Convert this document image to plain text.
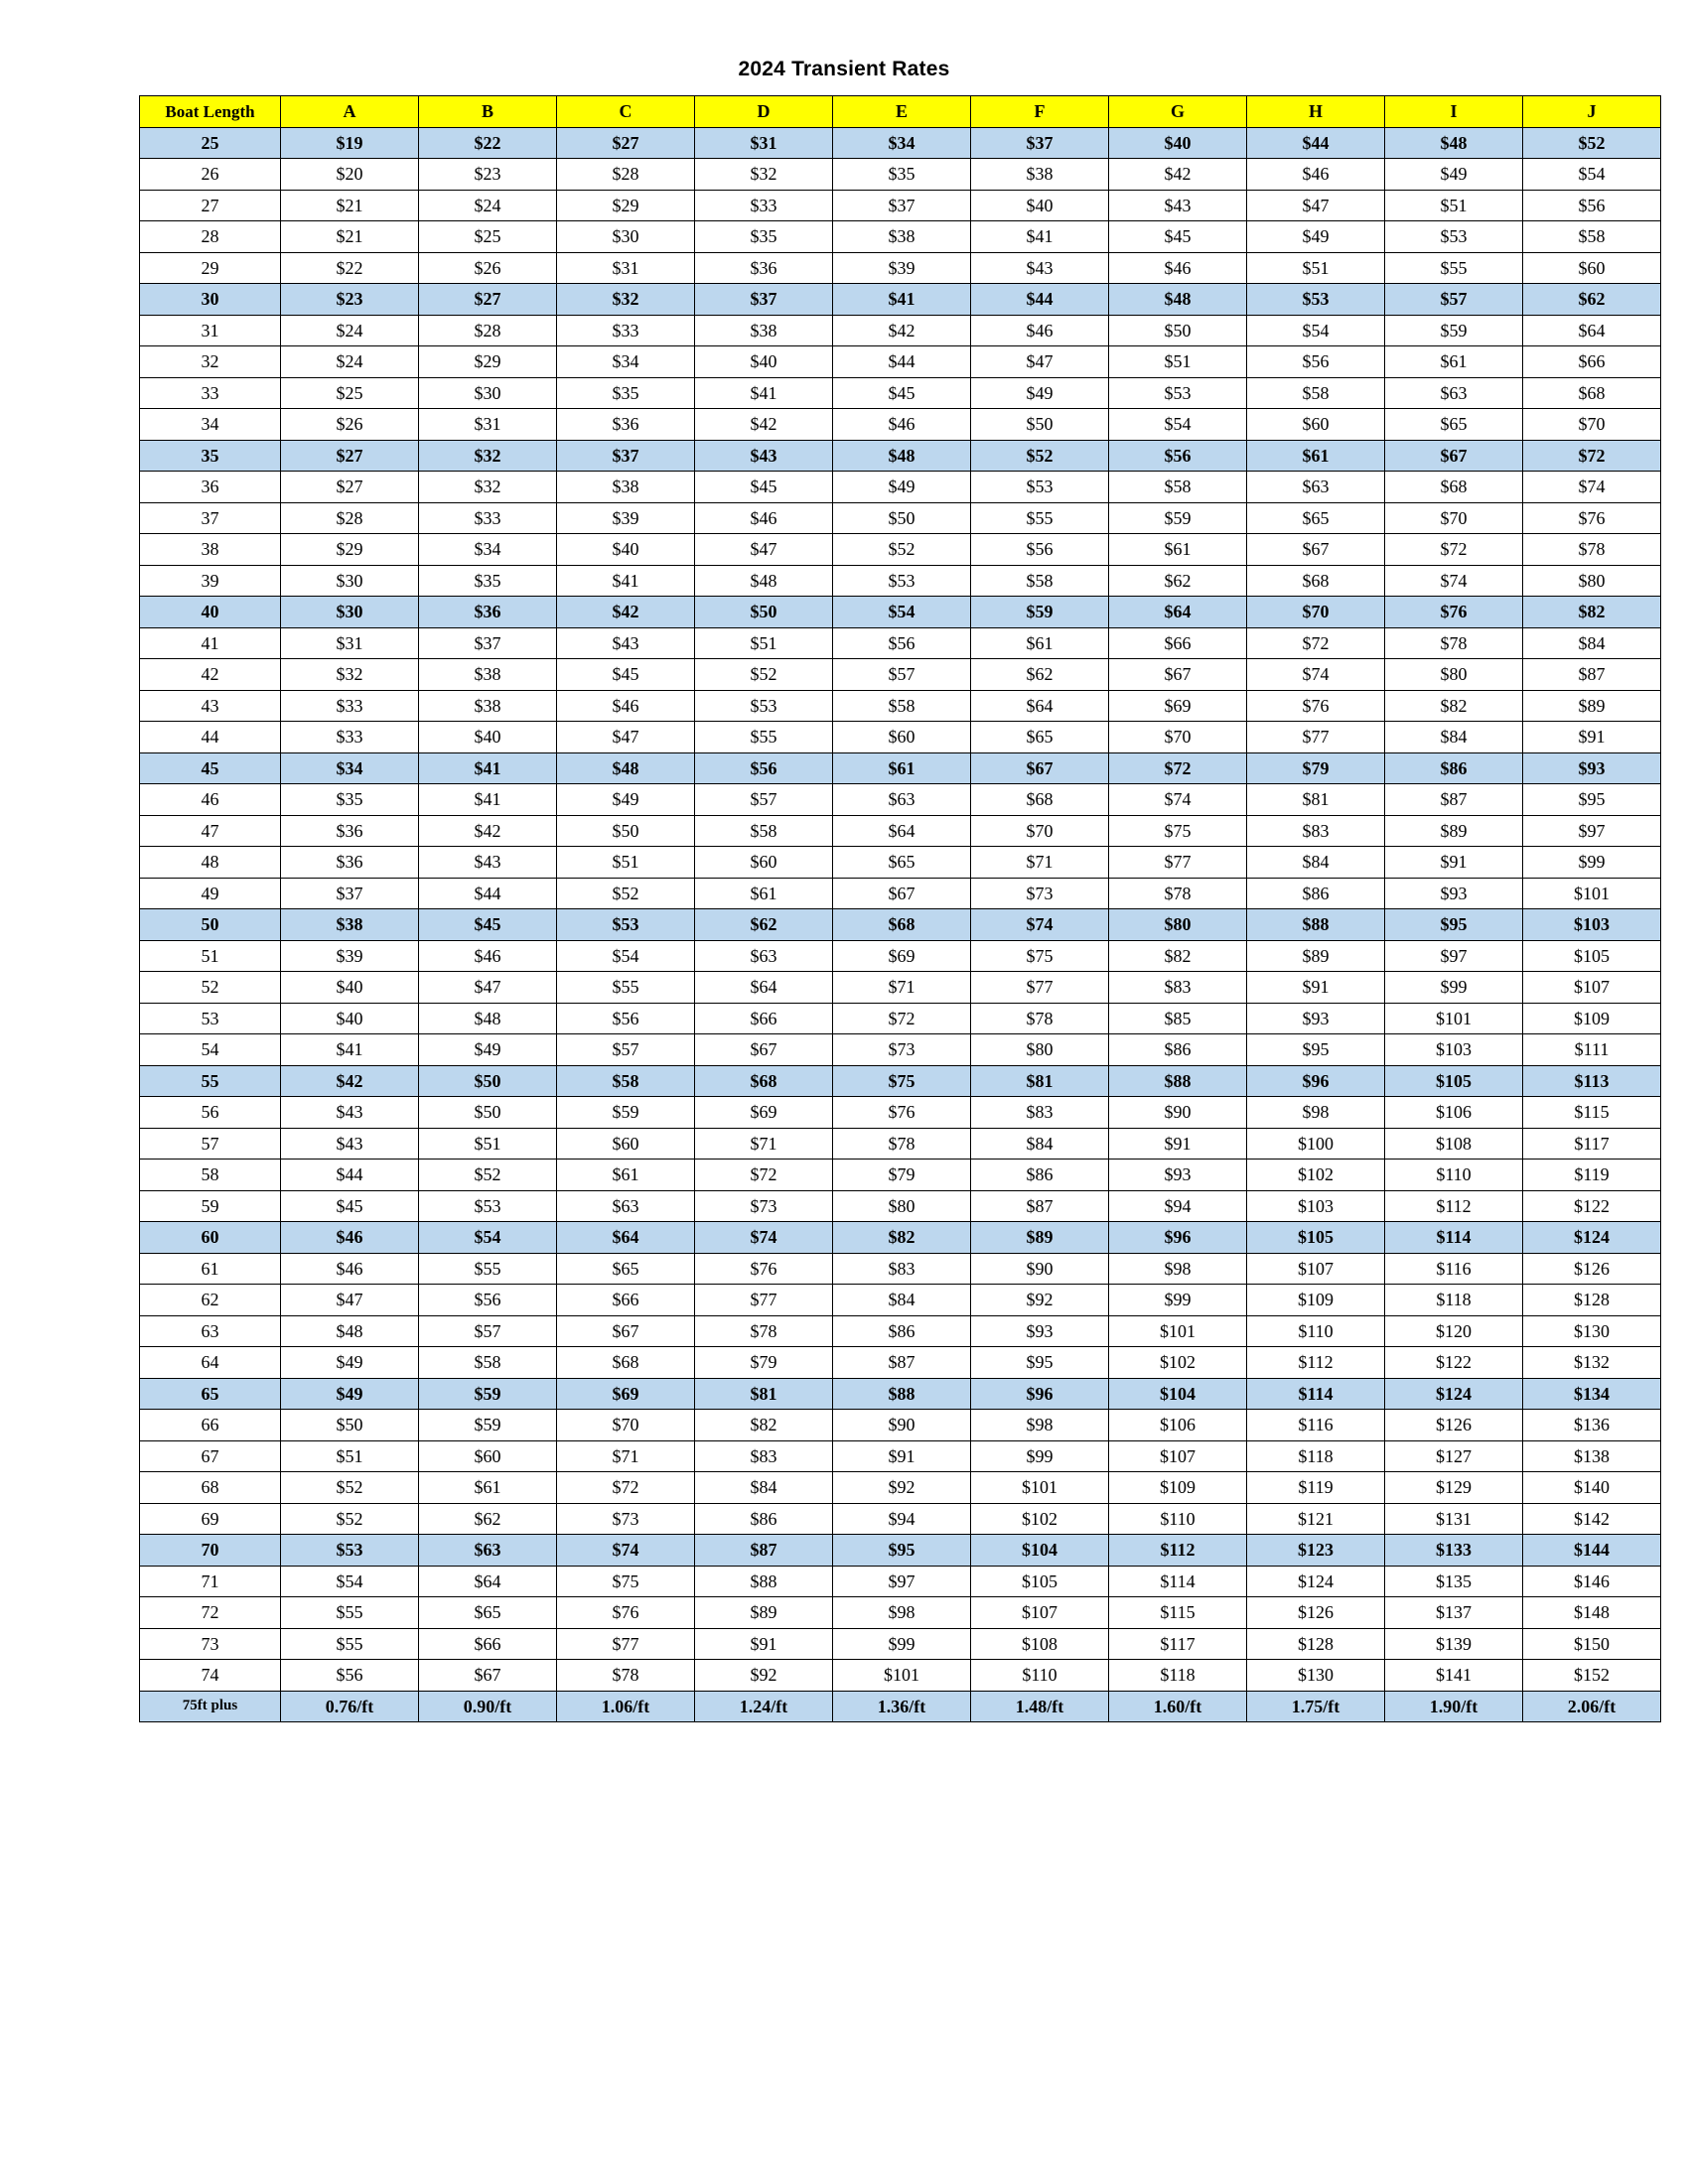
2024 Transient Rates
Boat Length	A	B	C	D	E	F	G	H	I	J
25	$19	$22	$27	$31	$34	$37	$40	$44	$48	$52
26	$20	$23	$28	$32	$35	$38	$42	$46	$49	$54
27	$21	$24	$29	$33	$37	$40	$43	$47	$51	$56
28	$21	$25	$30	$35	$38	$41	$45	$49	$53	$58
29	$22	$26	$31	$36	$39	$43	$46	$51	$55	$60
30	$23	$27	$32	$37	$41	$44	$48	$53	$57	$62
31	$24	$28	$33	$38	$42	$46	$50	$54	$59	$64
32	$24	$29	$34	$40	$44	$47	$51	$56	$61	$66
33	$25	$30	$35	$41	$45	$49	$53	$58	$63	$68
34	$26	$31	$36	$42	$46	$50	$54	$60	$65	$70
35	$27	$32	$37	$43	$48	$52	$56	$61	$67	$72
36	$27	$32	$38	$45	$49	$53	$58	$63	$68	$74
37	$28	$33	$39	$46	$50	$55	$59	$65	$70	$76
38	$29	$34	$40	$47	$52	$56	$61	$67	$72	$78
39	$30	$35	$41	$48	$53	$58	$62	$68	$74	$80
40	$30	$36	$42	$50	$54	$59	$64	$70	$76	$82
41	$31	$37	$43	$51	$56	$61	$66	$72	$78	$84
42	$32	$38	$45	$52	$57	$62	$67	$74	$80	$87
43	$33	$38	$46	$53	$58	$64	$69	$76	$82	$89
44	$33	$40	$47	$55	$60	$65	$70	$77	$84	$91
45	$34	$41	$48	$56	$61	$67	$72	$79	$86	$93
46	$35	$41	$49	$57	$63	$68	$74	$81	$87	$95
47	$36	$42	$50	$58	$64	$70	$75	$83	$89	$97
48	$36	$43	$51	$60	$65	$71	$77	$84	$91	$99
49	$37	$44	$52	$61	$67	$73	$78	$86	$93	$101
50	$38	$45	$53	$62	$68	$74	$80	$88	$95	$103
51	$39	$46	$54	$63	$69	$75	$82	$89	$97	$105
52	$40	$47	$55	$64	$71	$77	$83	$91	$99	$107
53	$40	$48	$56	$66	$72	$78	$85	$93	$101	$109
54	$41	$49	$57	$67	$73	$80	$86	$95	$103	$111
55	$42	$50	$58	$68	$75	$81	$88	$96	$105	$113
56	$43	$50	$59	$69	$76	$83	$90	$98	$106	$115
57	$43	$51	$60	$71	$78	$84	$91	$100	$108	$117
58	$44	$52	$61	$72	$79	$86	$93	$102	$110	$119
59	$45	$53	$63	$73	$80	$87	$94	$103	$112	$122
60	$46	$54	$64	$74	$82	$89	$96	$105	$114	$124
61	$46	$55	$65	$76	$83	$90	$98	$107	$116	$126
62	$47	$56	$66	$77	$84	$92	$99	$109	$118	$128
63	$48	$57	$67	$78	$86	$93	$101	$110	$120	$130
64	$49	$58	$68	$79	$87	$95	$102	$112	$122	$132
65	$49	$59	$69	$81	$88	$96	$104	$114	$124	$134
66	$50	$59	$70	$82	$90	$98	$106	$116	$126	$136
67	$51	$60	$71	$83	$91	$99	$107	$118	$127	$138
68	$52	$61	$72	$84	$92	$101	$109	$119	$129	$140
69	$52	$62	$73	$86	$94	$102	$110	$121	$131	$142
70	$53	$63	$74	$87	$95	$104	$112	$123	$133	$144
71	$54	$64	$75	$88	$97	$105	$114	$124	$135	$146
72	$55	$65	$76	$89	$98	$107	$115	$126	$137	$148
73	$55	$66	$77	$91	$99	$108	$117	$128	$139	$150
74	$56	$67	$78	$92	$101	$110	$118	$130	$141	$152
75ft plus	0.76/ft	0.90/ft	1.06/ft	1.24/ft	1.36/ft	1.48/ft	1.60/ft	1.75/ft	1.90/ft	2.06/ft
